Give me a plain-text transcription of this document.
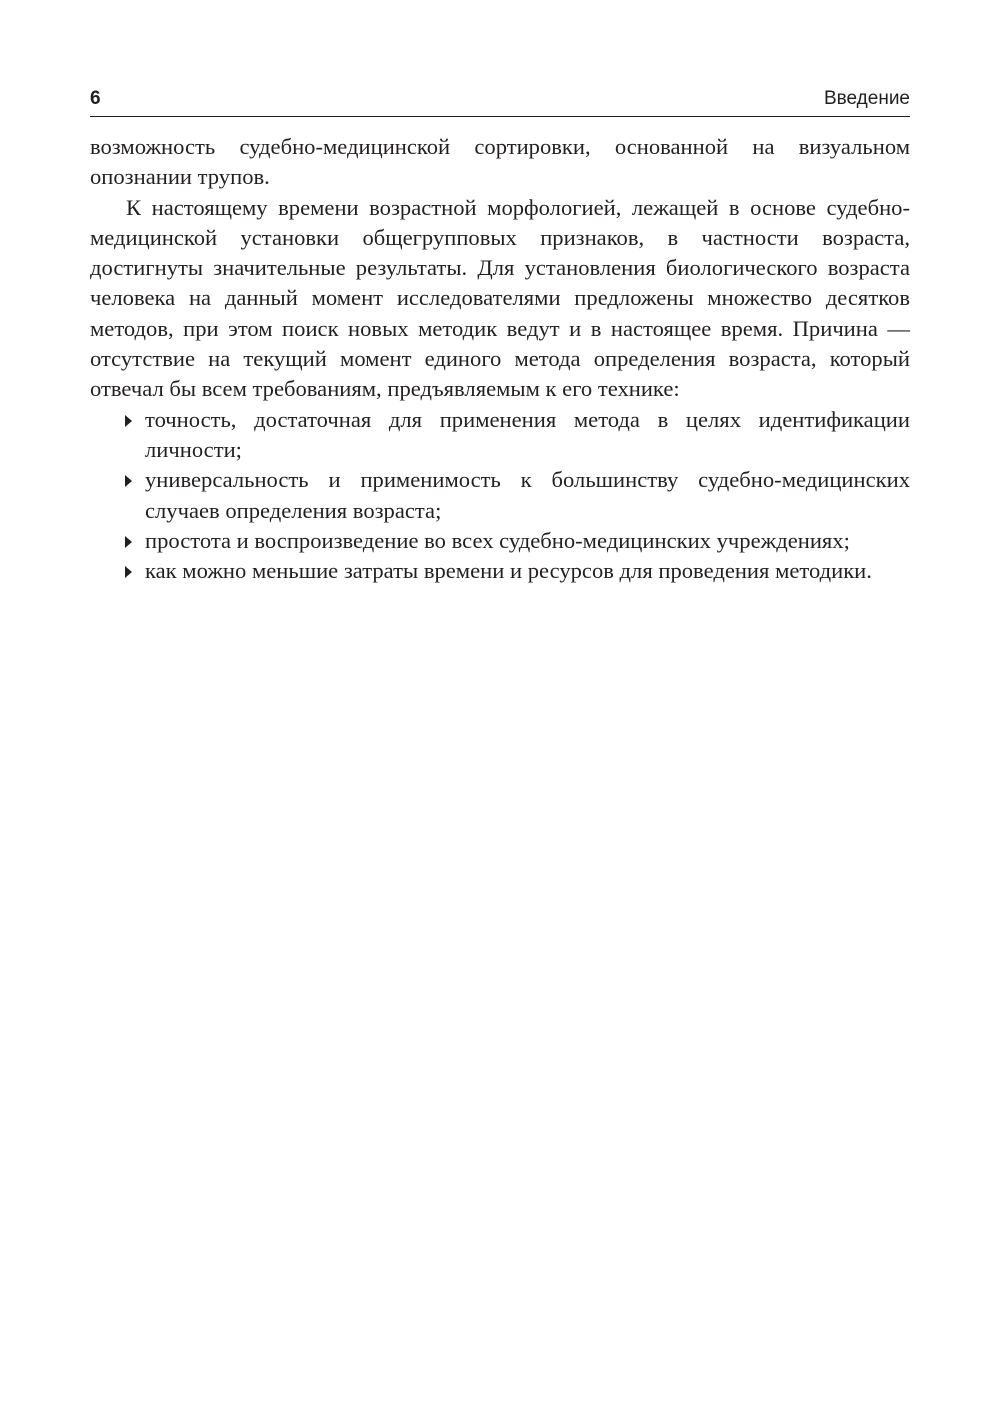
6	Введение

возможность судебно-медицинской сортировки, основанной на визуальном опознании трупов.

К настоящему времени возрастной морфологией, лежащей в основе судебно-медицинской установки общегрупповых признаков, в частности возраста, достигнуты значительные результаты. Для установления биологического возраста человека на данный момент исследователями предложены множество десятков методов, при этом поиск новых методик ведут и в настоящее время. Причина — отсутствие на текущий момент единого метода определения возраста, который отвечал бы всем требованиям, предъявляемым к его технике:

точность, достаточная для применения метода в целях идентификации личности;
универсальность и применимость к большинству судебно-медицинских случаев определения возраста;
простота и воспроизведение во всех судебно-медицинских учреждениях;
как можно меньшие затраты времени и ресурсов для проведения методики.
